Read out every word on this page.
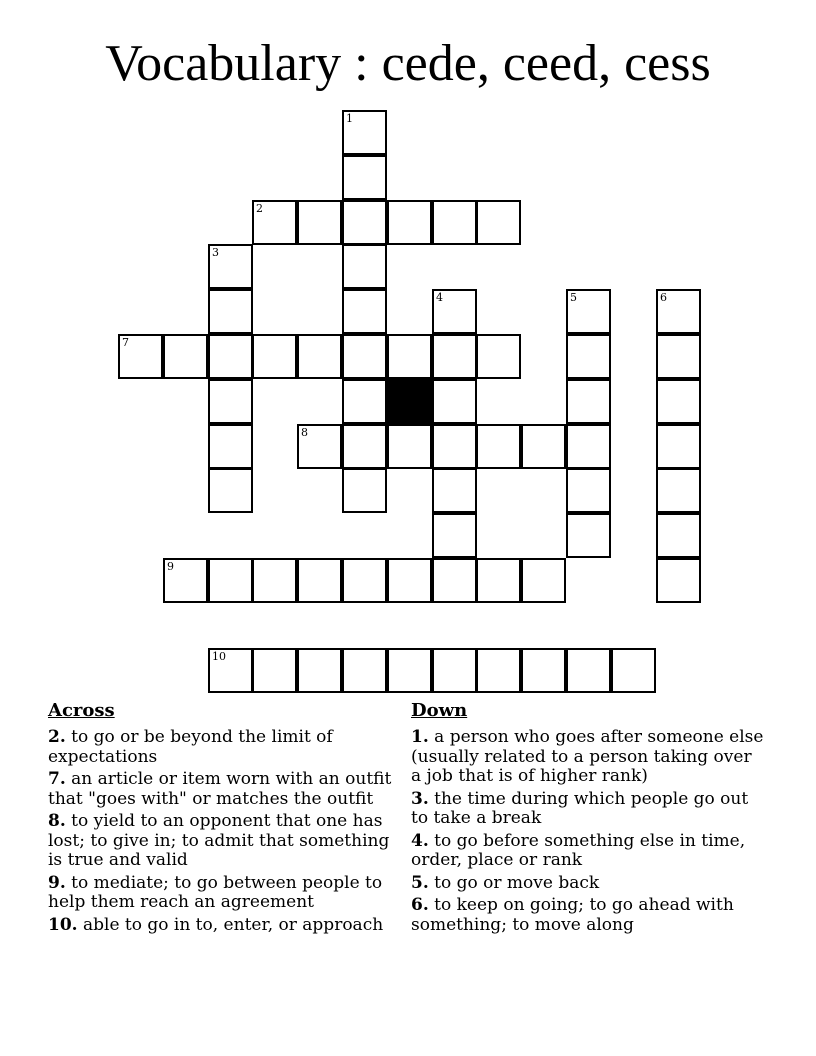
Vocabulary : cede, ceed, cess
1
2
3
4	5	6
7
8
9
10
Across
2. to go or be beyond the limit of expectations
7. an article or item worn with an outfit that "goes with" or matches the outfit
8. to yield to an opponent that one has lost; to give in; to admit that something is true and valid
9. to mediate; to go between people to help them reach an agreement
10. able to go in to, enter, or approach
Down
1. a person who goes after someone else (usually related to a person taking over a job that is of higher rank)
3. the time during which people go out to take a break
4. to go before something else in time, order, place or rank
5. to go or move back
6. to keep on going; to go ahead with something; to move along
